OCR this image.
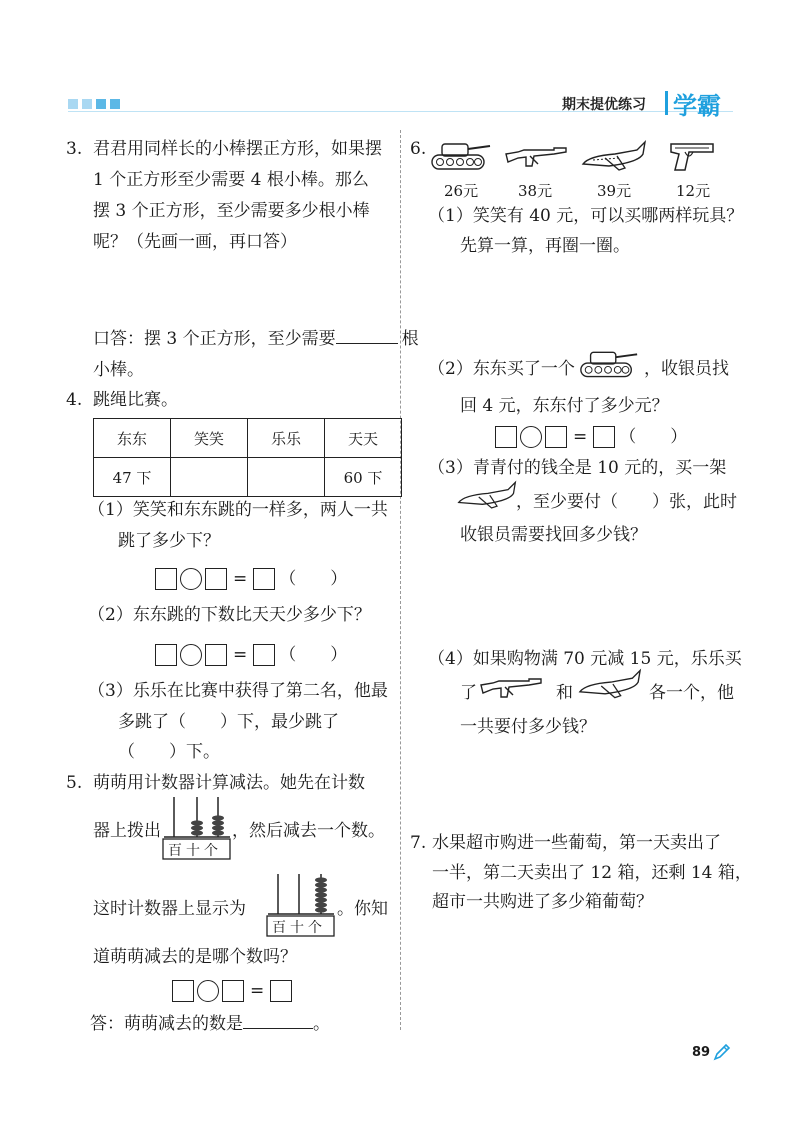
期末提优练习 学霸
3. 君君用同样长的小棒摆正方形，如果摆
1 个正方形至少需要 4 根小棒。那么
摆 3 个正方形，至少需要多少根小棒
呢？（先画一画，再口答）
口答：摆 3 个正方形，至少需要	根
小棒。
4. 跳绳比赛。
东东	笑笑	乐乐	天天
47 下			60 下
（1）笑笑和东东跳的一样多，两人一共
跳了多少下？
= （　　）
（2）东东跳的下数比天天少多少下？
= （　　）
（3）乐乐在比赛中获得了第二名，他最
多跳了（　　）下，最少跳了
（　　）下。
5. 萌萌用计数器计算减法。她先在计数
器上拨出
百十个
，然后减去一个数。
这时计数器上显示为
百十个
。你知
道萌萌减去的是哪个数吗？
=
答：萌萌减去的数是	。
6.
26元	38元	39元	12元
（1）笑笑有 40 元，可以买哪两样玩具？
先算一算，再圈一圈。
（2）东东买了一个	，收银员找
回 4 元，东东付了多少元？
= （　　）
（3）青青付的钱全是 10 元的，买一架
，至少要付（　　）张，此时
收银员需要找回多少钱？
（4）如果购物满 70 元减 15 元，乐乐买
了	和	各一个，他
一共要付多少钱？
7. 水果超市购进一些葡萄，第一天卖出了
一半，第二天卖出了 12 箱，还剩 14 箱，
超市一共购进了多少箱葡萄？
89
